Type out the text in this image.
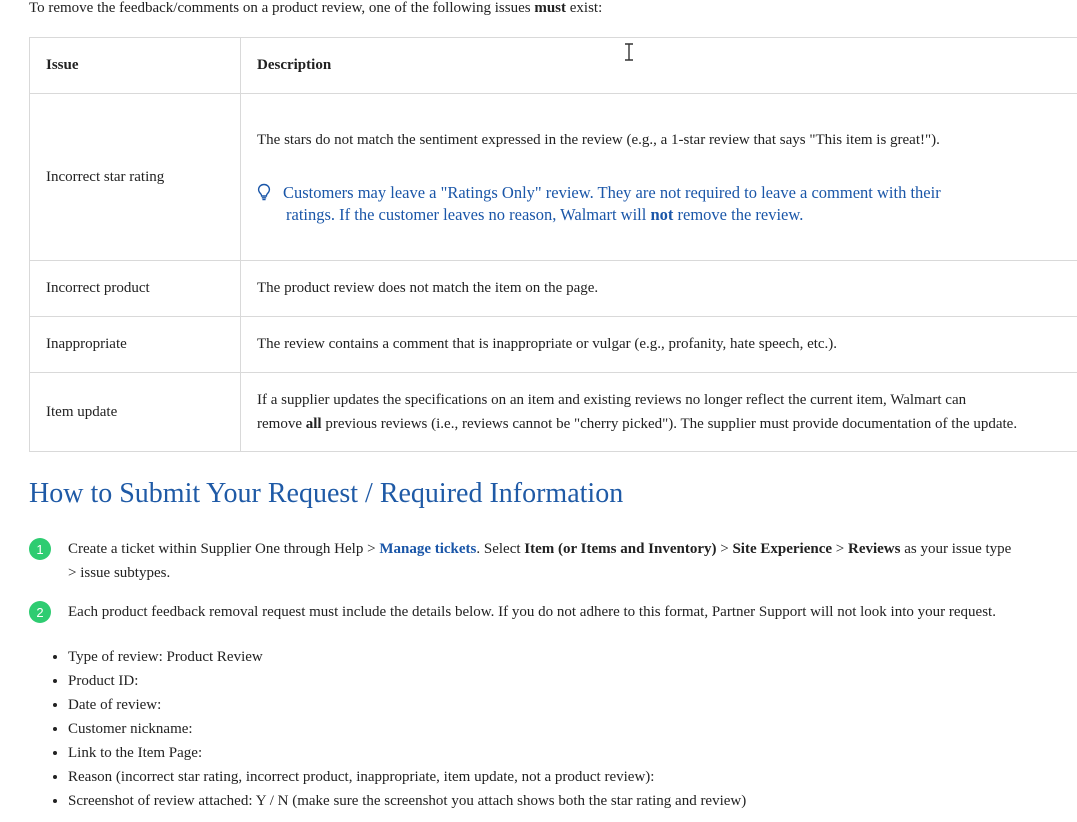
To remove the feedback/comments on a product review, one of the following issues must exist:
Issue	Description
Incorrect star rating	The stars do not match the sentiment expressed in the review (e.g., a 1-star review that says "This item is great!").
Customers may leave a "Ratings Only" review. They are not required to leave a comment with their
ratings. If the customer leaves no reason, Walmart will not remove the review.

Incorrect product	The product review does not match the item on the page.
Inappropriate	The review contains a comment that is inappropriate or vulgar (e.g., profanity, hate speech, etc.).
Item update	If a supplier updates the specifications on an item and existing reviews no longer reflect the current item, Walmart can
remove all previous reviews (i.e., reviews cannot be "cherry picked"). The supplier must provide documentation of the update.
How to Submit Your Request / Required Information
1	Create a ticket within Supplier One through Help > Manage tickets. Select Item (or Items and Inventory) > Site Experience > Reviews as your issue type
> issue subtypes.
2	Each product feedback removal request must include the details below. If you do not adhere to this format, Partner Support will not look into your request.
• Type of review: Product Review
• Product ID:
• Date of review:
• Customer nickname:
• Link to the Item Page:
• Reason (incorrect star rating, incorrect product, inappropriate, item update, not a product review):
• Screenshot of review attached: Y / N (make sure the screenshot you attach shows both the star rating and review)
